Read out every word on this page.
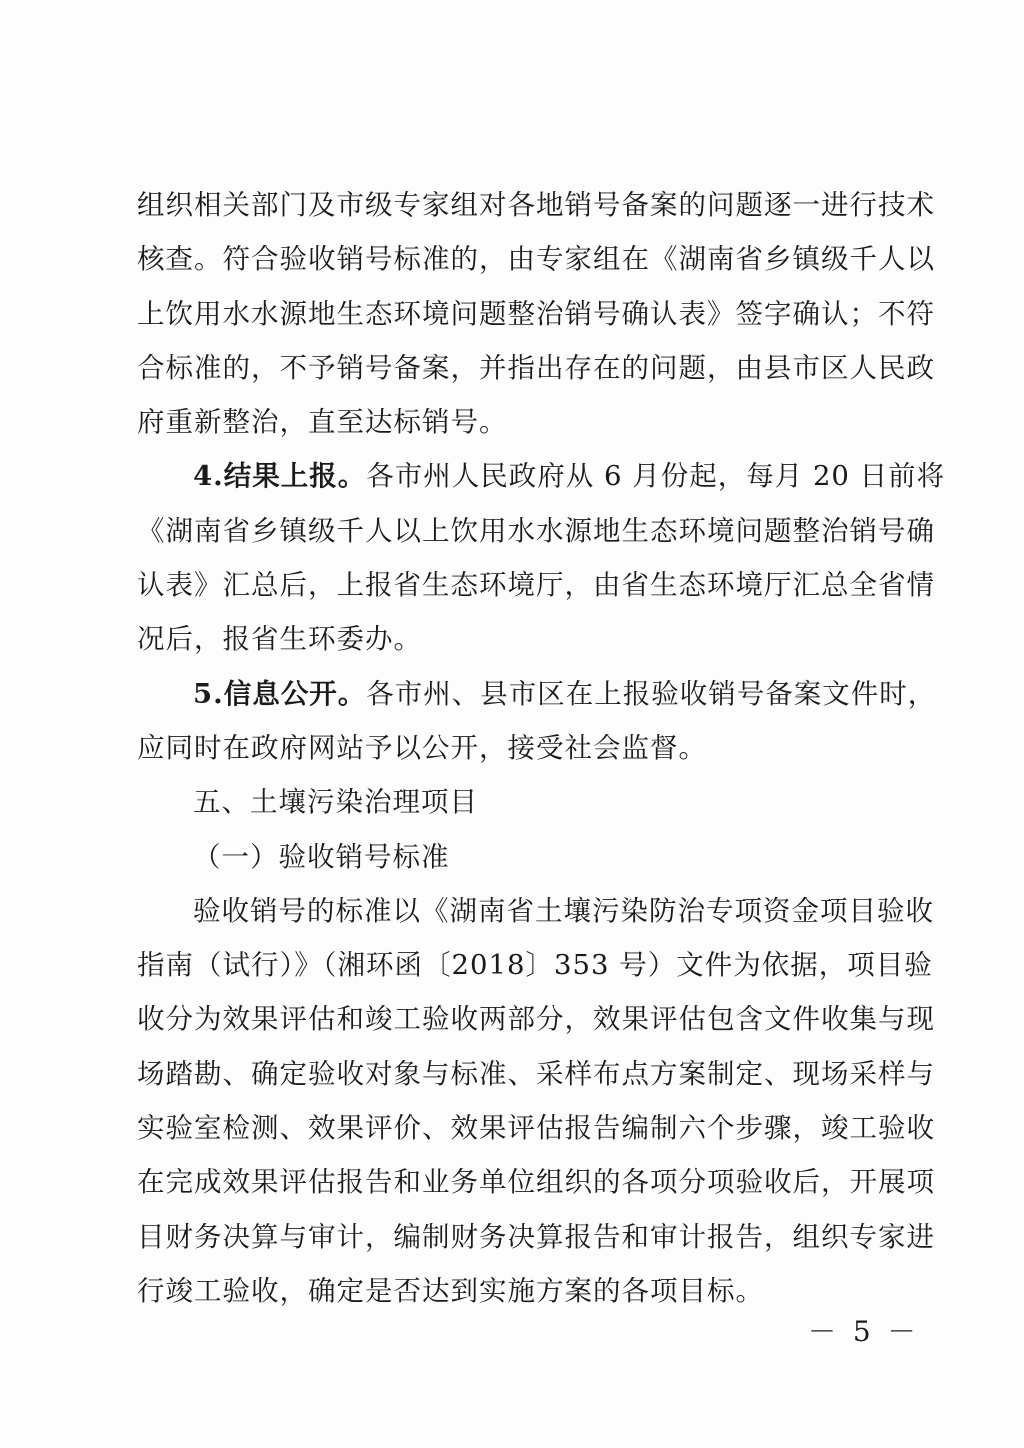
组织相关部门及市级专家组对各地销号备案的问题逐一进行技术
核查。符合验收销号标准的，由专家组在《湖南省乡镇级千人以
上饮用水水源地生态环境问题整治销号确认表》签字确认；不符
合标准的，不予销号备案，并指出存在的问题，由县市区人民政
府重新整治，直至达标销号。
4.结果上报。各市州人民政府从 6 月份起，每月 20 日前将
《湖南省乡镇级千人以上饮用水水源地生态环境问题整治销号确
认表》汇总后，上报省生态环境厅，由省生态环境厅汇总全省情
况后，报省生环委办。
5.信息公开。各市州、县市区在上报验收销号备案文件时，
应同时在政府网站予以公开，接受社会监督。
五、土壤污染治理项目
（一）验收销号标准
验收销号的标准以《湖南省土壤污染防治专项资金项目验收
指南（试行）》（湘环函〔2018〕353 号）文件为依据，项目验
收分为效果评估和竣工验收两部分，效果评估包含文件收集与现
场踏勘、确定验收对象与标准、采样布点方案制定、现场采样与
实验室检测、效果评价、效果评估报告编制六个步骤，竣工验收
在完成效果评估报告和业务单位组织的各项分项验收后，开展项
目财务决算与审计，编制财务决算报告和审计报告，组织专家进
行竣工验收，确定是否达到实施方案的各项目标。
－ 5 －
